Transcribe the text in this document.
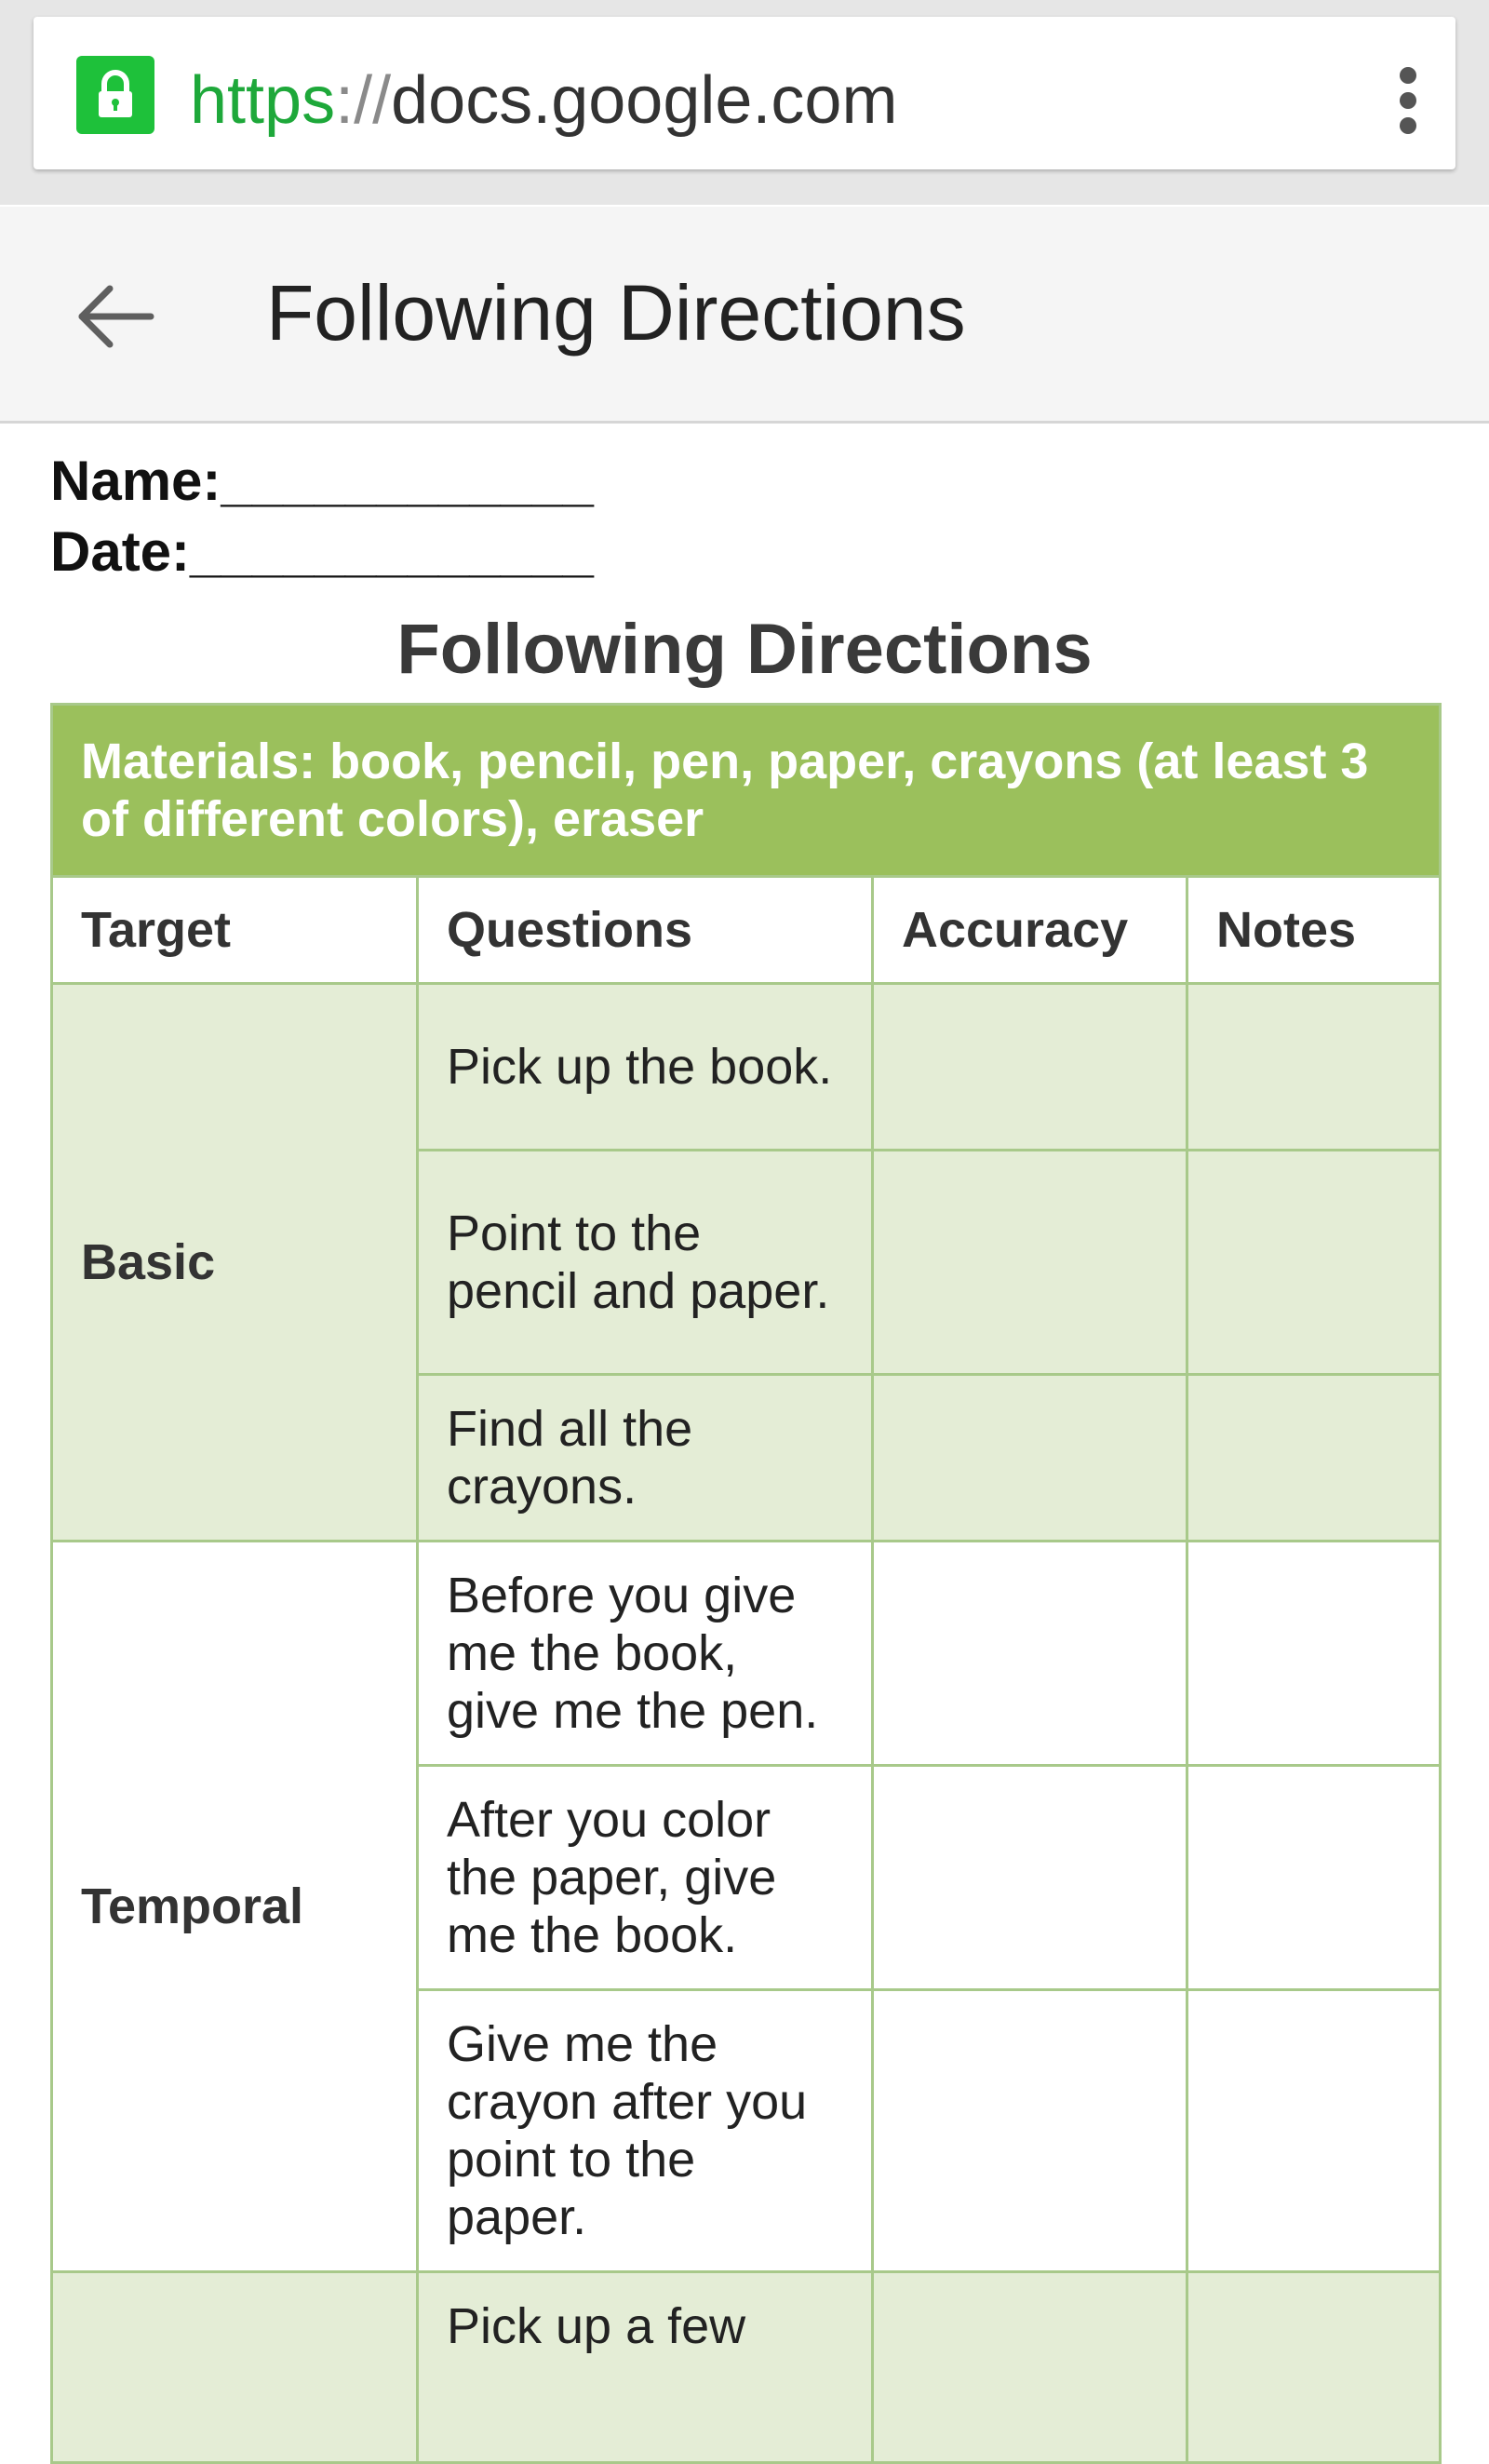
https://docs.google.com
Following Directions
Name:____________
Date:_____________
Following Directions
Materials: book, pencil, pen, paper, crayons (at least 3 of different colors), eraser			
Target	Questions	Accuracy	Notes
Basic	Pick up the book.		
	Point to the pencil and paper.		
	Find all the crayons.		
Temporal	Before you give me the book, give me the pen.		
	After you color the paper, give me the book.		
	Give me the crayon after you point to the paper.		
	Pick up a few		
